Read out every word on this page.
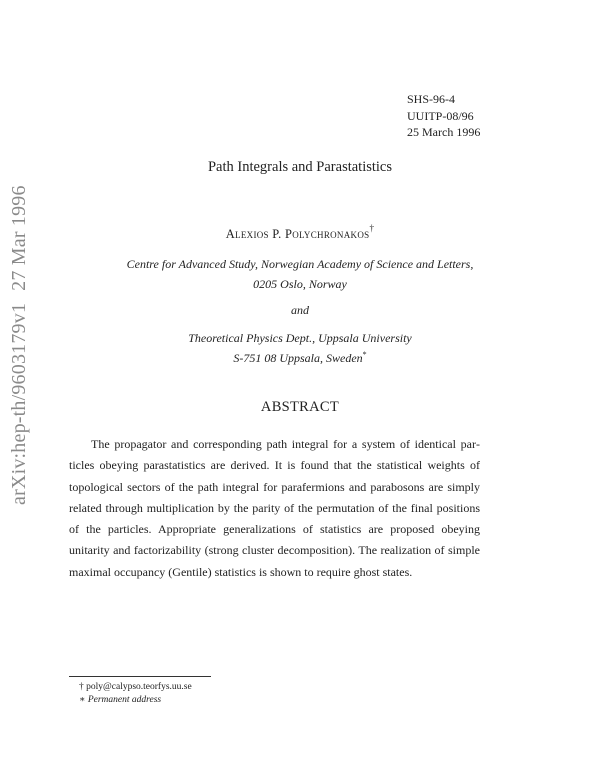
arXiv:hep-th/9603179v127 Mar 1996
SHS-96-4
UUITP-08/96
25 March 1996
Path Integrals and Parastatistics
Alexios P. Polychronakos†
Centre for Advanced Study, Norwegian Academy of Science and Letters,
0205 Oslo, Norway
and
Theoretical Physics Dept., Uppsala University
S-751 08 Uppsala, Sweden*
ABSTRACT

The propagator and corresponding path integral for a system of identical particles obeying parastatistics are derived. It is found that the statistical weights of topological sectors of the path integral for parafermions and parabosons are simply related through multiplication by the parity of the permutation of the final positions of the particles. Appropriate generalizations of statistics are proposed obeying unitarity and factorizability (strong cluster decomposition). The realization of simple maximal occupancy (Gentile) statistics is shown to require ghost states.

† poly@calypso.teorfys.uu.se
∗ Permanent address
